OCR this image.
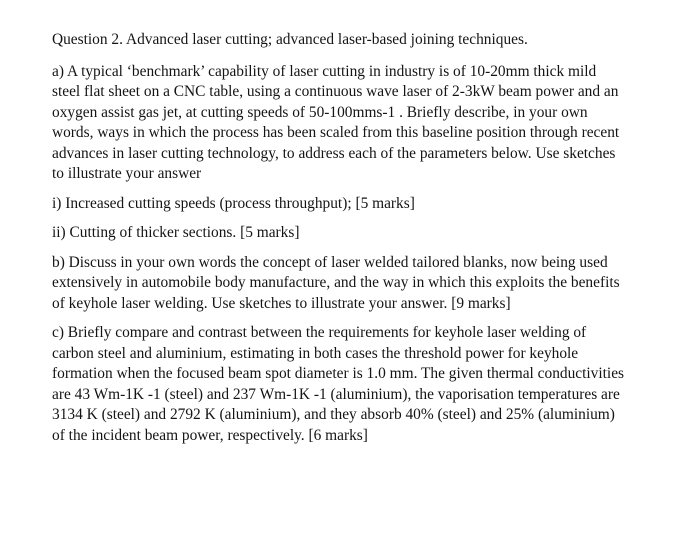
Question 2. Advanced laser cutting; advanced laser-based joining techniques.

a) A typical ‘benchmark’ capability of laser cutting in industry is of 10-20mm thick mild
steel flat sheet on a CNC table, using a continuous wave laser of 2-3kW beam power and an
oxygen assist gas jet, at cutting speeds of 50-100mms-1 . Briefly describe, in your own
words, ways in which the process has been scaled from this baseline position through recent
advances in laser cutting technology, to address each of the parameters below. Use sketches
to illustrate your answer

i) Increased cutting speeds (process throughput); [5 marks]

ii) Cutting of thicker sections. [5 marks]

b) Discuss in your own words the concept of laser welded tailored blanks, now being used
extensively in automobile body manufacture, and the way in which this exploits the benefits
of keyhole laser welding. Use sketches to illustrate your answer. [9 marks]

c) Briefly compare and contrast between the requirements for keyhole laser welding of
carbon steel and aluminium, estimating in both cases the threshold power for keyhole
formation when the focused beam spot diameter is 1.0 mm. The given thermal conductivities
are 43 Wm-1K -1 (steel) and 237 Wm-1K -1 (aluminium), the vaporisation temperatures are
3134 K (steel) and 2792 K (aluminium), and they absorb 40% (steel) and 25% (aluminium)
of the incident beam power, respectively. [6 marks]
